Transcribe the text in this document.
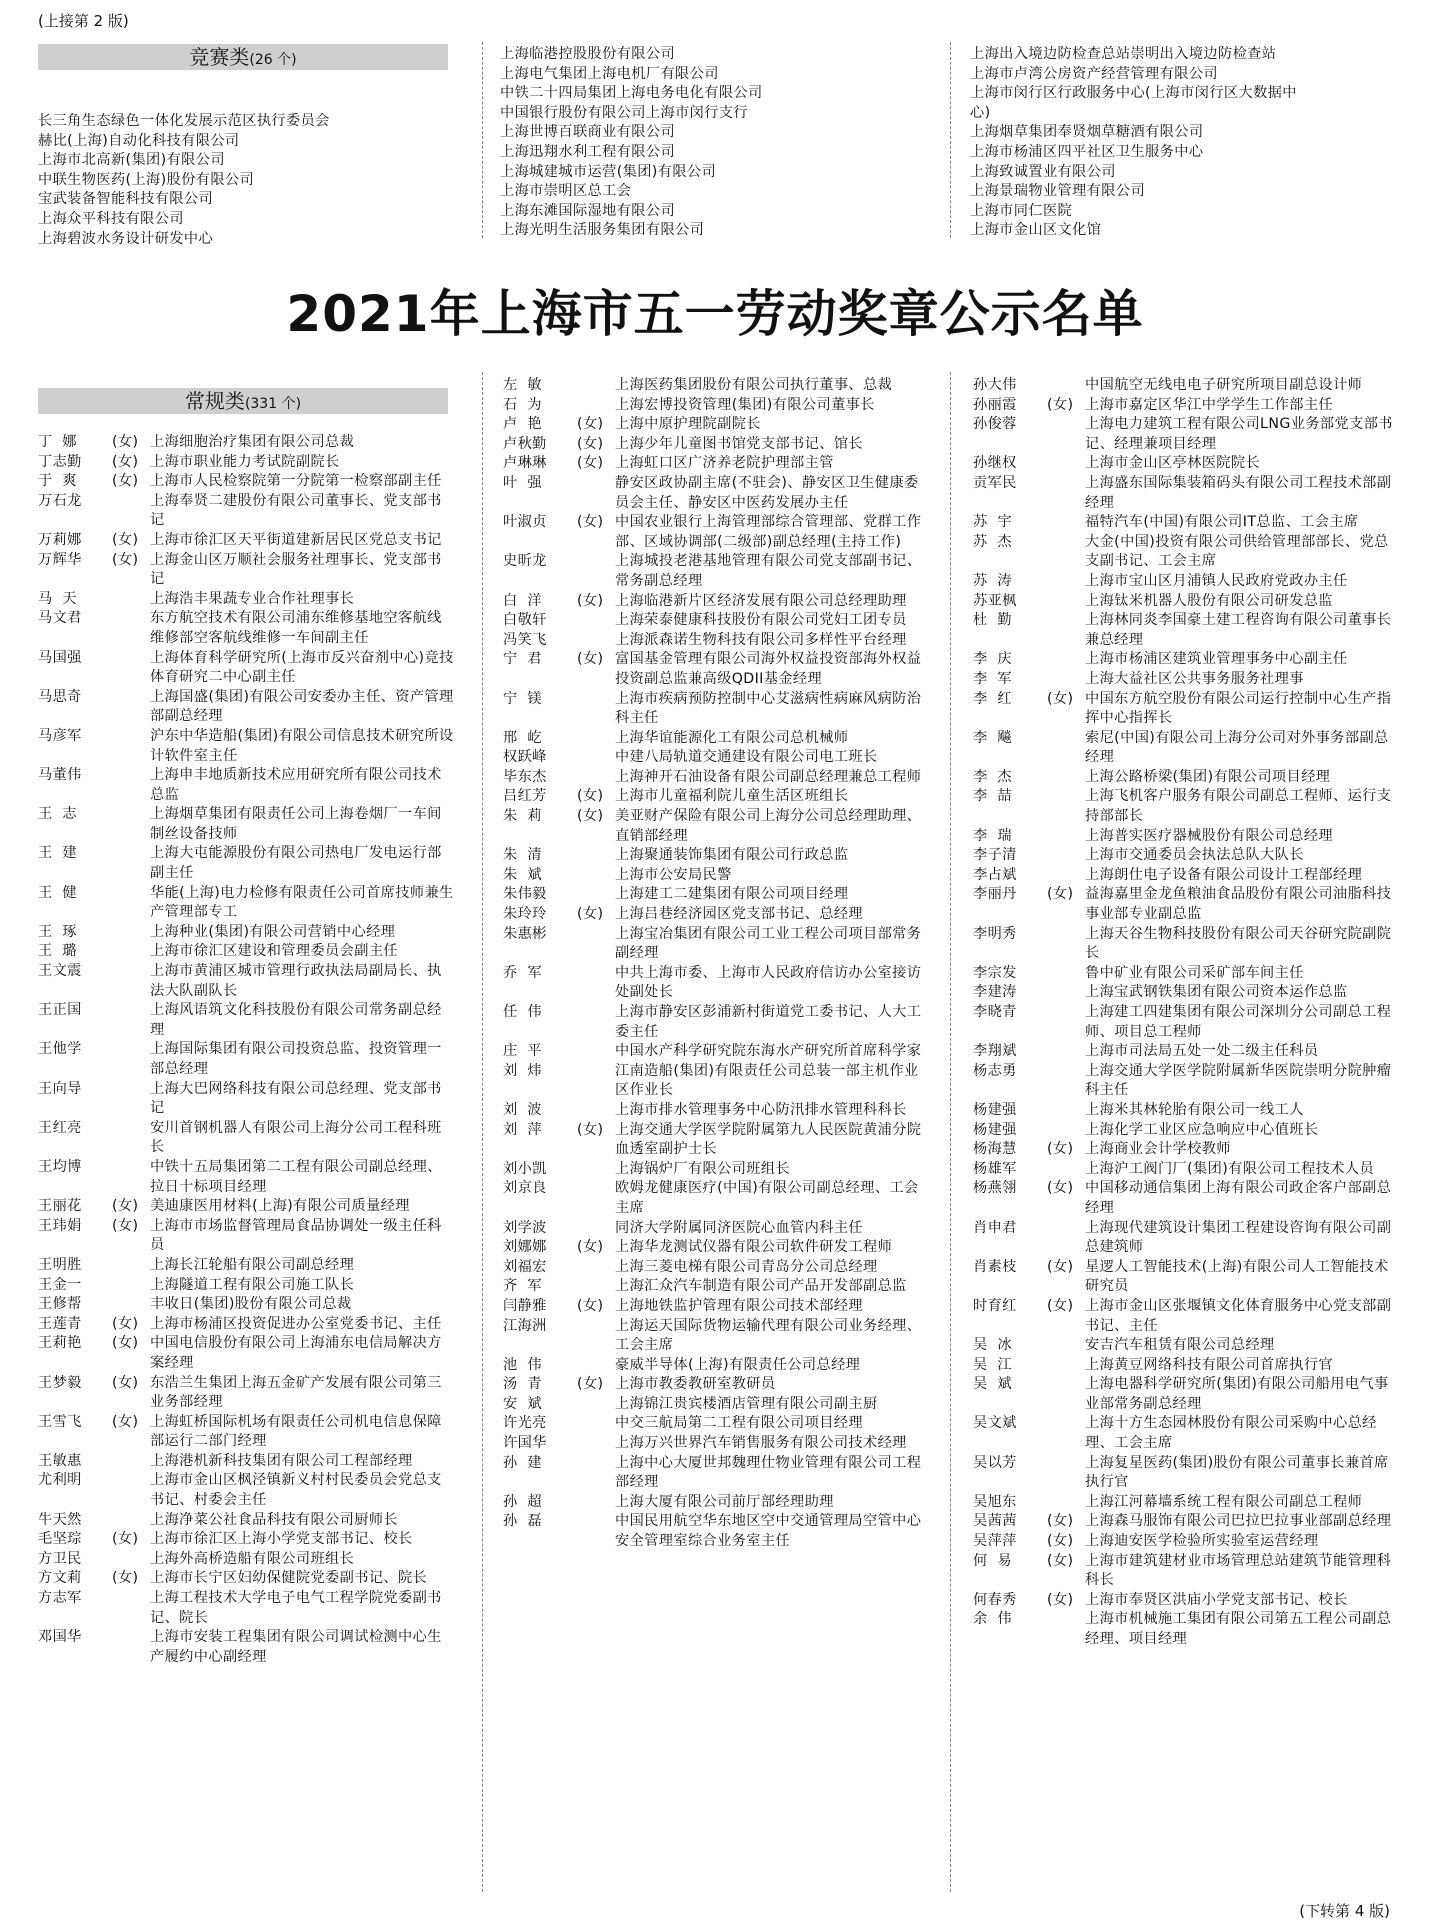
(上接第 2 版)
竞赛类(26 个)
长三角生态绿色一体化发展示范区执行委员会
赫比(上海)自动化科技有限公司
上海市北高新(集团)有限公司
中联生物医药(上海)股份有限公司
宝武装备智能科技有限公司
上海众平科技有限公司
上海碧波水务设计研发中心
上海临港控股股份有限公司
上海电气集团上海电机厂有限公司
中铁二十四局集团上海电务电化有限公司
中国银行股份有限公司上海市闵行支行
上海世博百联商业有限公司
上海迅翔水利工程有限公司
上海城建城市运营(集团)有限公司
上海市崇明区总工会
上海东滩国际湿地有限公司
上海光明生活服务集团有限公司
上海出入境边防检查总站崇明出入境边防检查站
上海市卢湾公房资产经营管理有限公司
上海市闵行区行政服务中心(上海市闵行区大数据中
心)
上海烟草集团奉贤烟草糖酒有限公司
上海市杨浦区四平社区卫生服务中心
上海致诚置业有限公司
上海景瑞物业管理有限公司
上海市同仁医院
上海市金山区文化馆
2021年上海市五一劳动奖章公示名单
常规类(331 个)
丁  娜	(女) 上海细胞治疗集团有限公司总裁
丁志勤	(女) 上海市职业能力考试院副院长
于  爽	(女) 上海市人民检察院第一分院第一检察部副主任
万石龙	上海奉贤二建股份有限公司董事长、党支部书记
万莉娜	(女) 上海市徐汇区天平街道建新居民区党总支书记
万辉华	(女) 上海金山区万顺社会服务社理事长、党支部书记
马  天	上海浩丰果蔬专业合作社理事长
马文君	东方航空技术有限公司浦东维修基地空客航线维修部空客航线维修一车间副主任
马国强	上海体育科学研究所(上海市反兴奋剂中心)竞技体育研究二中心副主任
马思奇	上海国盛(集团)有限公司安委办主任、资产管理部副总经理
马彦军	沪东中华造船(集团)有限公司信息技术研究所设计软件室主任
马董伟	上海申丰地质新技术应用研究所有限公司技术总监
王  志	上海烟草集团有限责任公司上海卷烟厂一车间制丝设备技师
王  建	上海大屯能源股份有限公司热电厂发电运行部副主任
王  健	华能(上海)电力检修有限责任公司首席技师兼生产管理部专工
王  琢	上海种业(集团)有限公司营销中心经理
王  璐	上海市徐汇区建设和管理委员会副主任
王文震	上海市黄浦区城市管理行政执法局副局长、执法大队副队长
王正国	上海风语筑文化科技股份有限公司常务副总经理
王他学	上海国际集团有限公司投资总监、投资管理一部总经理
王向导	上海大巴网络科技有限公司总经理、党支部书记
王红亮	安川首钢机器人有限公司上海分公司工程科班长
王均博	中铁十五局集团第二工程有限公司副总经理、拉日十标项目经理
王丽花	(女) 美迪康医用材料(上海)有限公司质量经理
王玮娟	(女) 上海市市场监督管理局食品协调处一级主任科员
王明胜	上海长江轮船有限公司副总经理
王金一	上海隧道工程有限公司施工队长
王修帮	丰收日(集团)股份有限公司总裁
王莲青	(女) 上海市杨浦区投资促进办公室党委书记、主任
王莉艳	(女) 中国电信股份有限公司上海浦东电信局解决方案经理
王梦毅	(女) 东浩兰生集团上海五金矿产发展有限公司第三业务部经理
王雪飞	(女) 上海虹桥国际机场有限责任公司机电信息保障部运行二部门经理
王敏惠	上海港机新科技集团有限公司工程部经理
尤利明	上海市金山区枫泾镇新义村村民委员会党总支书记、村委会主任
牛天然	上海净菜公社食品科技有限公司厨师长
毛坚琮	(女) 上海市徐汇区上海小学党支部书记、校长
方卫民	上海外高桥造船有限公司班组长
方文莉	(女) 上海市长宁区妇幼保健院党委副书记、院长
方志军	上海工程技术大学电子电气工程学院党委副书记、院长
邓国华	上海市安装工程集团有限公司调试检测中心生产履约中心副经理
左  敏	上海医药集团股份有限公司执行董事、总裁
石  为	上海宏博投资管理(集团)有限公司董事长
卢  艳	(女) 上海中原护理院副院长
卢秋勤	(女) 上海少年儿童图书馆党支部书记、馆长
卢琳琳	(女) 上海虹口区广济养老院护理部主管
叶  强	静安区政协副主席(不驻会)、静安区卫生健康委员会主任、静安区中医药发展办主任
叶淑贞	(女) 中国农业银行上海管理部综合管理部、党群工作部、区域协调部(二级部)副总经理(主持工作)
史昕龙	上海城投老港基地管理有限公司党支部副书记、常务副总经理
白  洋	(女) 上海临港新片区经济发展有限公司总经理助理
白敬轩	上海荣泰健康科技股份有限公司党妇工团专员
冯笑飞	上海派森诺生物科技有限公司多样性平台经理
宁  君	(女) 富国基金管理有限公司海外权益投资部海外权益投资副总监兼高级QDII基金经理
宁  镁	上海市疾病预防控制中心艾滋病性病麻风病防治科主任
邢  屹	上海华谊能源化工有限公司总机械师
权跃峰	中建八局轨道交通建设有限公司电工班长
毕东杰	上海神开石油设备有限公司副总经理兼总工程师
吕红芳	(女) 上海市儿童福利院儿童生活区班组长
朱  莉	(女) 美亚财产保险有限公司上海分公司总经理助理、直销部经理
朱  清	上海聚通装饰集团有限公司行政总监
朱  斌	上海市公安局民警
朱伟毅	上海建工二建集团有限公司项目经理
朱玲玲	(女) 上海吕巷经济园区党支部书记、总经理
朱惠彬	上海宝冶集团有限公司工业工程公司项目部常务副经理
乔  军	中共上海市委、上海市人民政府信访办公室接访处副处长
任  伟	上海市静安区彭浦新村街道党工委书记、人大工委主任
庄  平	中国水产科学研究院东海水产研究所首席科学家
刘  炜	江南造船(集团)有限责任公司总装一部主机作业区作业长
刘  波	上海市排水管理事务中心防汛排水管理科科长
刘  萍	(女) 上海交通大学医学院附属第九人民医院黄浦分院血透室副护士长
刘小凯	上海锅炉厂有限公司班组长
刘京良	欧姆龙健康医疗(中国)有限公司副总经理、工会主席
刘学波	同济大学附属同济医院心血管内科主任
刘娜娜	(女) 上海华龙测试仪器有限公司软件研发工程师
刘福宏	上海三菱电梯有限公司青岛分公司总经理
齐  军	上海汇众汽车制造有限公司产品开发部副总监
闫静雅	(女) 上海地铁监护管理有限公司技术部经理
江海洲	上海运天国际货物运输代理有限公司业务经理、工会主席
池  伟	豪威半导体(上海)有限责任公司总经理
汤  青	(女) 上海市教委教研室教研员
安  斌	上海锦江贵宾楼酒店管理有限公司副主厨
许光亮	中交三航局第二工程有限公司项目经理
许国华	上海万兴世界汽车销售服务有限公司技术经理
孙  建	上海中心大厦世邦魏理仕物业管理有限公司工程部经理
孙  超	上海大厦有限公司前厅部经理助理
孙  磊	中国民用航空华东地区空中交通管理局空管中心安全管理室综合业务室主任
孙大伟	中国航空无线电电子研究所项目副总设计师
孙丽霞	(女) 上海市嘉定区华江中学学生工作部主任
孙俊蓉	上海电力建筑工程有限公司LNG业务部党支部书记、经理兼项目经理
孙继权	上海市金山区亭林医院院长
贡军民	上海盛东国际集装箱码头有限公司工程技术部副经理
苏  宇	福特汽车(中国)有限公司IT总监、工会主席
苏  杰	大金(中国)投资有限公司供给管理部部长、党总支副书记、工会主席
苏  涛	上海市宝山区月浦镇人民政府党政办主任
苏亚枫	上海钛米机器人股份有限公司研发总监
杜  勤	上海林同炎李国豪土建工程咨询有限公司董事长兼总经理
李  庆	上海市杨浦区建筑业管理事务中心副主任
李  军	上海大益社区公共事务服务社理事
李  红	(女) 中国东方航空股份有限公司运行控制中心生产指挥中心指挥长
李  飚	索尼(中国)有限公司上海分公司对外事务部副总经理
李  杰	上海公路桥梁(集团)有限公司项目经理
李  喆	上海飞机客户服务有限公司副总工程师、运行支持部部长
李  瑞	上海普实医疗器械股份有限公司总经理
李子清	上海市交通委员会执法总队大队长
李占斌	上海朗仕电子设备有限公司设计工程部经理
李丽丹	(女) 益海嘉里金龙鱼粮油食品股份有限公司油脂科技事业部专业副总监
李明秀	上海天谷生物科技股份有限公司天谷研究院副院长
李宗发	鲁中矿业有限公司采矿部车间主任
李建涛	上海宝武钢铁集团有限公司资本运作总监
李晓青	上海建工四建集团有限公司深圳分公司副总工程师、项目总工程师
李翔斌	上海市司法局五处一处二级主任科员
杨志勇	上海交通大学医学院附属新华医院崇明分院肿瘤科主任
杨建强	上海米其林轮胎有限公司一线工人
杨建强	上海化学工业区应急响应中心值班长
杨海慧	(女) 上海商业会计学校教师
杨雄军	上海沪工阀门厂(集团)有限公司工程技术人员
杨燕翎	(女) 中国移动通信集团上海有限公司政企客户部副总经理
肖申君	上海现代建筑设计集团工程建设咨询有限公司副总建筑师
肖素枝	(女) 星逻人工智能技术(上海)有限公司人工智能技术研究员
时育红	(女) 上海市金山区张堰镇文化体育服务中心党支部副书记、主任
吴  冰	安吉汽车租赁有限公司总经理
吴  江	上海黄豆网络科技有限公司首席执行官
吴  斌	上海电器科学研究所(集团)有限公司船用电气事业部常务副总经理
吴文斌	上海十方生态园林股份有限公司采购中心总经理、工会主席
吴以芳	上海复星医药(集团)股份有限公司董事长兼首席执行官
吴旭东	上海江河幕墙系统工程有限公司副总工程师
吴茜茜	(女) 上海森马服饰有限公司巴拉巴拉事业部副总经理
吴萍萍	(女) 上海迪安医学检验所实验室运营经理
何  易	(女) 上海市建筑建材业市场管理总站建筑节能管理科科长
何春秀	(女) 上海市奉贤区洪庙小学党支部书记、校长
余  伟	上海市机械施工集团有限公司第五工程公司副总经理、项目经理
(下转第 4 版)
